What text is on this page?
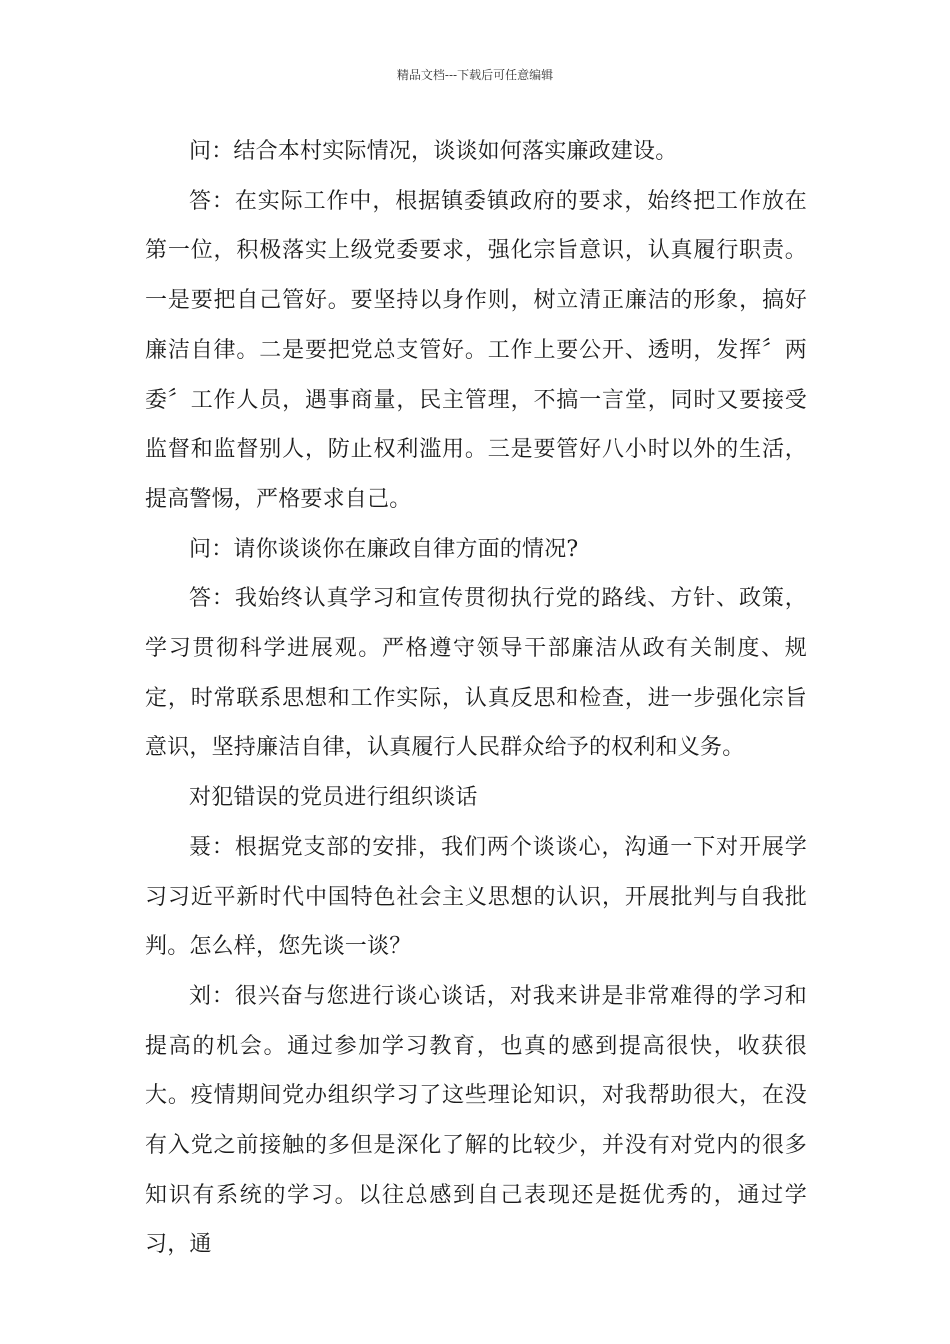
精品文档---下载后可任意编辑

问：结合本村实际情况，谈谈如何落实廉政建设。

答：在实际工作中，根据镇委镇政府的要求，始终把工作放在第一位，积极落实上级党委要求，强化宗旨意识，认真履行职责。一是要把自己管好。要坚持以身作则，树立清正廉洁的形象，搞好廉洁自律。二是要把党总支管好。工作上要公开、透明，发挥〞两委〞工作人员，遇事商量，民主管理，不搞一言堂，同时又要接受监督和监督别人，防止权利滥用。三是要管好八小时以外的生活，提高警惕，严格要求自己。

问：请你谈谈你在廉政自律方面的情况?

答：我始终认真学习和宣传贯彻执行党的路线、方针、政策，学习贯彻科学进展观。严格遵守领导干部廉洁从政有关制度、规定，时常联系思想和工作实际，认真反思和检查，进一步强化宗旨意识，坚持廉洁自律，认真履行人民群众给予的权利和义务。

对犯错误的党员进行组织谈话

聂：根据党支部的安排，我们两个谈谈心，沟通一下对开展学习习近平新时代中国特色社会主义思想的认识，开展批判与自我批判。怎么样，您先谈一谈？

刘：很兴奋与您进行谈心谈话，对我来讲是非常难得的学习和提高的机会。通过参加学习教育，也真的感到提高很快，收获很大。疫情期间党办组织学习了这些理论知识，对我帮助很大，在没有入党之前接触的多但是深化了解的比较少，并没有对党内的很多知识有系统的学习。以往总感到自己表现还是挺优秀的，通过学习，通
